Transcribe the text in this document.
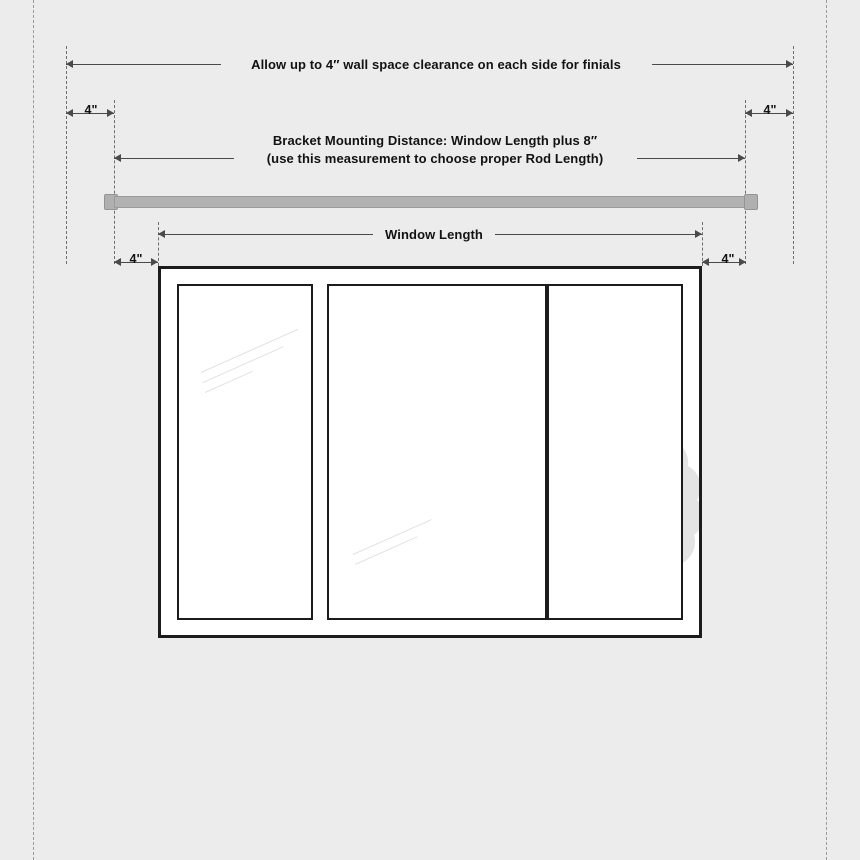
Allow up to 4″ wall space clearance on each side for finials
4"	4"
Bracket Mounting Distance: Window Length plus 8″
(use this measurement to choose proper Rod Length)
Window Length
4"	4"
